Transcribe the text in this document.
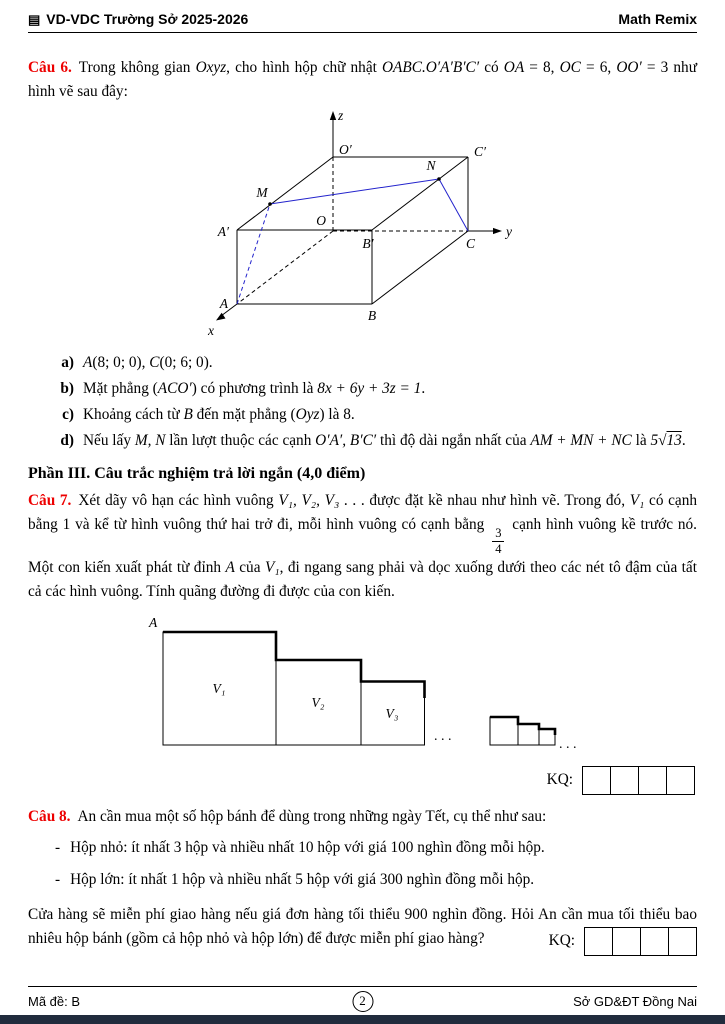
▤ VD-VDC Trường Sở 2025-2026	Math Remix

Câu 6. Trong không gian Oxyz, cho hình hộp chữ nhật OABC.O′A′B′C′ có OA = 8, OC = 6, OO′ = 3 như hình vẽ sau đây:

z
O′	C′
N
M
A′
O
B′	C
y
A
B
x
a) A(8; 0; 0), C(0; 6; 0).
b) Mặt phẳng (ACO′) có phương trình là 8x + 6y + 3z = 1.
c) Khoảng cách từ B đến mặt phẳng (Oyz) là 8.
d) Nếu lấy M, N lần lượt thuộc các cạnh O′A′, B′C′ thì độ dài ngắn nhất của AM + MN + NC là 5√13.
Phần III. Câu trắc nghiệm trả lời ngắn (4,0 điểm)

Câu 7. Xét dãy vô hạn các hình vuông V₁, V₂, V₃ . . . được đặt kề nhau như hình vẽ. Trong đó, V₁ có cạnh bằng 1 và kể từ hình vuông thứ hai trở đi, mỗi hình vuông có cạnh bằng
$\frac{3}{4}$
cạnh hình vuông kề trước nó. Một con kiến xuất phát từ đỉnh A của V₁, đi ngang sang phải và dọc xuống dưới theo các nét tô đậm của tất cả các hình vuông. Tính quãng đường đi được của con kiến.

A
V₁
V₂
V₃
. . .
. . .
KQ:

Câu 8. An cần mua một số hộp bánh để dùng trong những ngày Tết, cụ thể như sau:

- Hộp nhỏ: ít nhất 3 hộp và nhiều nhất 10 hộp với giá 100 nghìn đồng mỗi hộp.
- Hộp lớn: ít nhất 1 hộp và nhiều nhất 5 hộp với giá 300 nghìn đồng mỗi hộp.

Cửa hàng sẽ miễn phí giao hàng nếu giá đơn hàng tối thiểu 900 nghìn đồng. Hỏi An cần mua tối thiểu bao nhiêu hộp bánh (gồm cả hộp nhỏ và hộp lớn) để được miễn phí giao hàng?	KQ:

Mã đề: B	2	Sở GD&ĐT Đồng Nai
